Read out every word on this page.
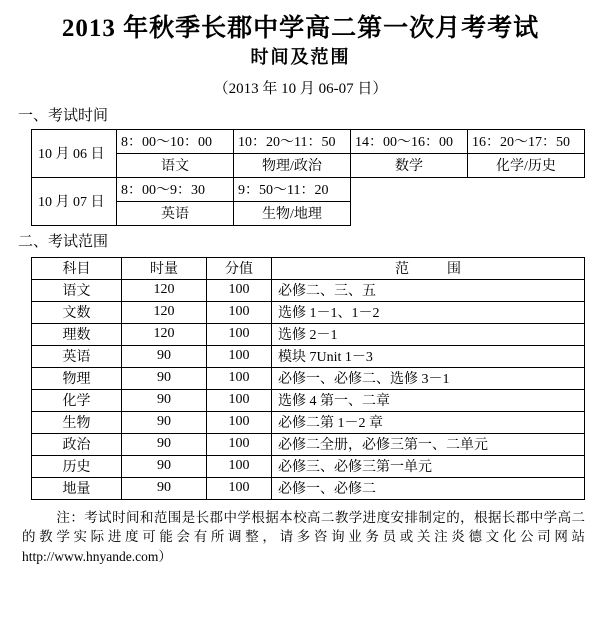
2013 年秋季长郡中学高二第一次月考考试
时间及范围
（2013 年 10 月 06-07 日）
一、考试时间
10 月 06 日	8：00～10：00	10：20～11：50	14：00～16：00	16：20～17：50
	语文	物理/政治	数学	化学/历史
10 月 07 日	8：00～9：30	9：50～11：20		
	英语	生物/地理		
二、考试范围
科目	时量	分值	范　围
语文	120	100	必修二、三、五
文数	120	100	选修 1－1、1－2
理数	120	100	选修 2－1
英语	90	100	模块 7Unit 1－3
物理	90	100	必修一、必修二、选修 3－1
化学	90	100	选修 4 第一、二章
生物	90	100	必修二第 1－2 章
政治	90	100	必修二全册，必修三第一、二单元
历史	90	100	必修三、必修三第一单元
地量	90	100	必修一、必修二
注：考试时间和范围是长郡中学根据本校高二教学进度安排制定的，根据长郡中学高二 的教学实际进度可能会有所调整，请多咨询业务员或关注炎德文化公司网站http://www.hnyande.com）
